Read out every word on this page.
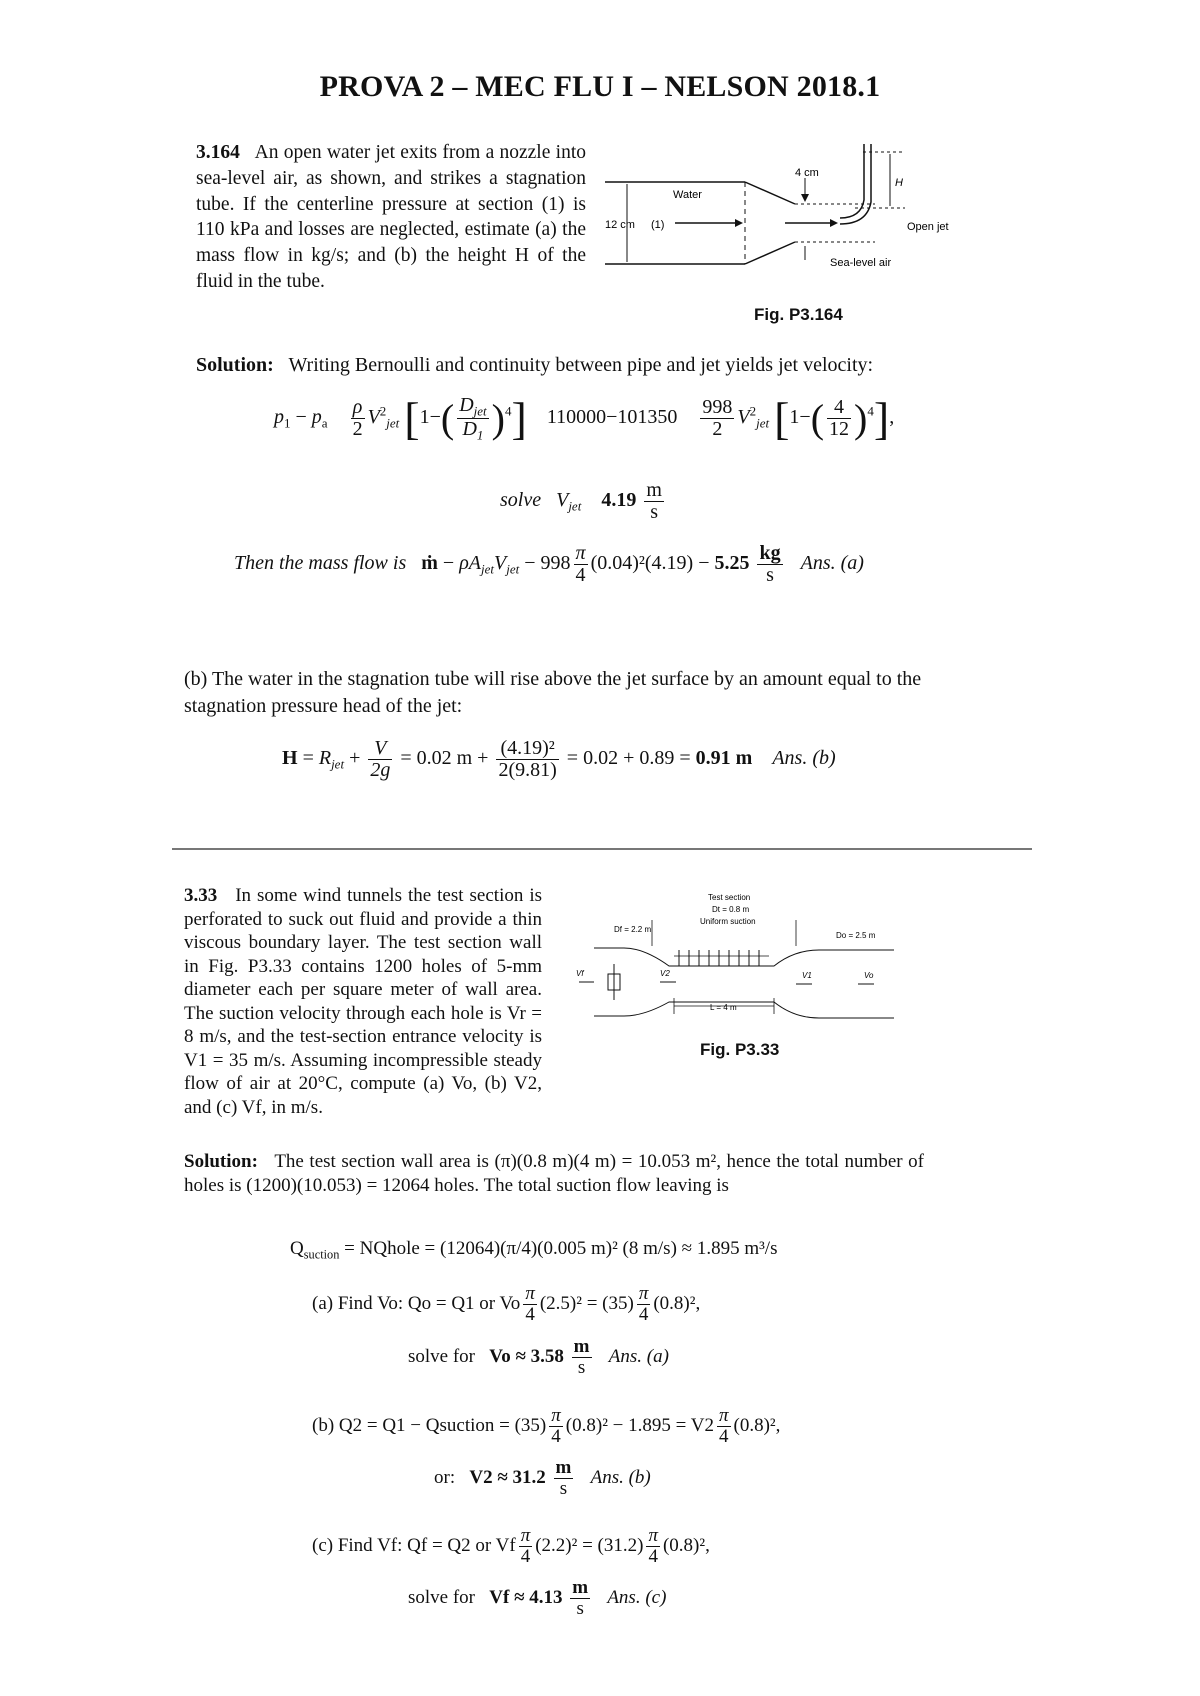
PROVA 2 – MEC FLU I – NELSON 2018.1
3.164 An open water jet exits from a nozzle into sea-level air, as shown, and strikes a stagnation tube. If the centerline pressure at section (1) is 110 kPa and losses are neglected, estimate (a) the mass flow in kg/s; and (b) the height H of the fluid in the tube.
Water
12 cm (1)
4 cm
H
Open jet
Sea-level air
Fig. P3.164
Solution: Writing Bernoulli and continuity between pipe and jet yields jet velocity:
$p_1 - p_a \frac{\rho}{2} V^2_{jet}$ $[1-( \frac{D_{jet}}{D_1} )^4]$ $110000-101350 \frac{998}{2} V^2_{jet}$ $[1-( \frac{4}{12} )^4]$,
solve $V_{jet}$ $4.19 \frac{m}{s}$
Then the mass flow is ṁ − $\rho A_{jet}V_{jet} - 998 \frac{\pi}{4} (0.04)^2(4.19) - 5.25 \frac{kg}{s}$ Ans. (a)
(b) The water in the stagnation tube will rise above the jet surface by an amount equal to the stagnation pressure head of the jet:
$H = R_{jet} + \frac{V}{2g} = 0.02$ $m + \frac{\text{(4.19)²}}{2(9.81)} = 0.02 + 0.89 = 0.91$ m Ans. (b)
3.33 In some wind tunnels the test section is perforated to suck out fluid and provide a thin viscous boundary layer. The test section wall in Fig. P3.33 contains 1200 holes of 5-mm diameter each per square meter of wall area. The suction velocity through each hole is Vr = 8 m/s, and the test-section entrance velocity is V1 = 35 m/s. Assuming incompressible steady flow of air at 20°C, compute (a) Vo, (b) V2, and (c) Vf, in m/s.
Test section
Dt = 0.8 m
Uniform suction
Df = 2.2 m
Do = 2.5 m
L = 4 m
Vf	V2	V1	Vo
Fig. P3.33
Solution: The test section wall area is (π)(0.8 m)(4 m) = 10.053 m², hence the total number of holes is (1200)(10.053) = 12064 holes. The total suction flow leaving is
$Q_{suction}$ = NQhole = (12064)(π/4)(0.005 m)² (8 m/s) ≈ 1.895 m³/s
(a) Find Vo: Qo = Q1 or Vo $\frac{\pi}{4} (2.5)^2 = (35) \frac{\pi}{4} (0.8)^2$,
solve for $Vo \approx 3.58 \frac{m}{s}$ Ans. (a)
(b) Q2 = Q1 − Qsuction = $(35) \frac{\pi}{4} (0.8)^2 - 1.895 = V2 \frac{\pi}{4} (0.8)^2$,
or: $V2 \approx 31.2 \frac{m}{s}$ Ans. (b)
(c) Find Vf: Qf = Q2 or Vf $\frac{\pi}{4} (2.2)^2 = (31.2) \frac{\pi}{4} (0.8)^2$,
solve for $Vf \approx 4.13 \frac{m}{s}$ Ans. (c)
